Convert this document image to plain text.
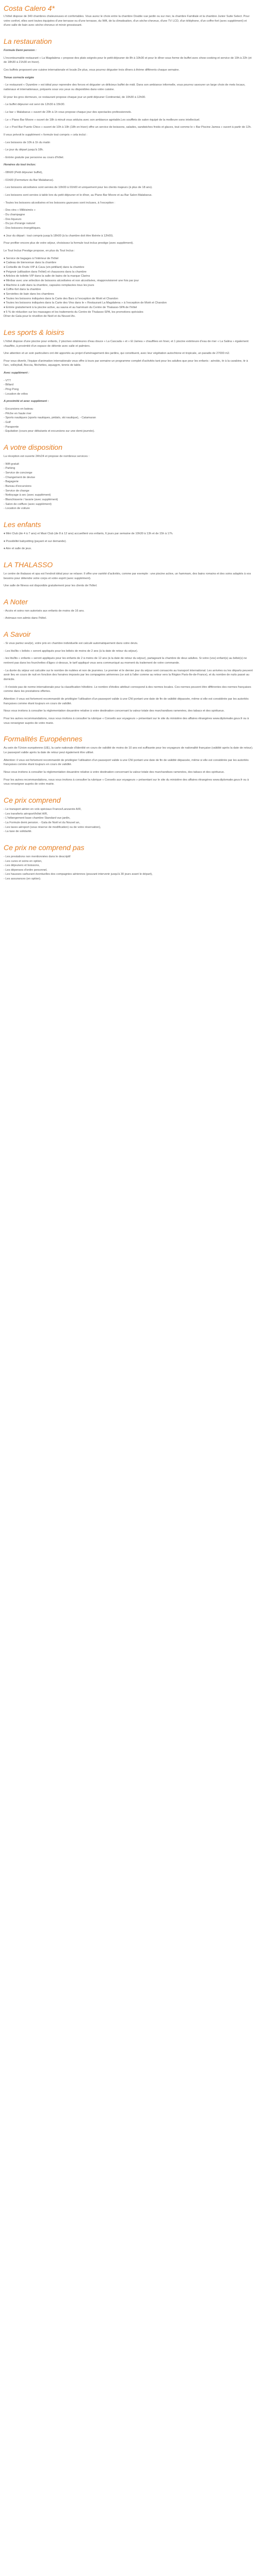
Costa Calero 4*

L'hôtel dispose de 340 chambres chaleureuses et confortables. Vous aurez le choix entre la chambre Double vue jardin ou sur mer, la chambre Familiale et la chambre Junior Suite Select. Pour votre confort, elles sont toutes équipées d'une terrasse ou d'une terrasse, du Wifi, de la climatisation, d'un sèche-cheveux, d'une TV LCD, d'un téléphone, d'un coffre-fort (avec supplément) et d'une salle de bain avec sèche-cheveux et miroir grossissant.

La restauration

Formule Demi pension :

L'incontournable restaurant « La Magdalena » propose des plats soignés pour le petit-déjeuner de 8h à 10h30 et pour le dîner sous forme de buffet avec show cooking et service de 19h à 22h (et de 18h30 à 21h30 en hiver).

Ces buffets proposent une cuisine internationale et locale.De plus, vous pourrez déguster trois dîners à thème différents chaque semaine.

Tenue correcte exigée

- Le restaurant « Oyambre » est idéal pour reprendre des forces et déguster un délicieux buffet de midi. Dans son ambiance informelle, vous pourrez savourer un large choix de mets locaux, nationaux et internationaux, préparés sous vos yeux ou disponibles dans votre cuisine.

Et pour les gros dormeurs, ce restaurant propose chaque jour un petit déjeuner Continental, de 10h30 à 12h00.

- Le buffet déjeuner est servi de 12h30 à 15h30.

- Le bar « Malabarus » ouvert de 20h à 1h vous propose chaque jour des spectacles professionnels.

- Le « Piano Bar Moore » ouvert de 18h à minuit vous séduira avec son ambiance agréable.Les soufflets de salon équipé de la meilleure sono intellectuel.

- Le « Pool Bar Puerto Chico » ouvert de 10h à 19h (18h en hiver) offre un service de boissons, salades, sandwiches froids et glaces, tout comme le « Bar Piscine Jamea » ouvert à partir de 12h.

Il vous prévoit le supplément « formule tout compris » cela inclut :

- Les boissons de 10h à 1h du matin

- Le jour du départ jusqu'à 18h.

- Entrée gratuite par personne au cours d'hôtel.

Horaires du tout inclus:

- 08h00 (Petit déjeuner buffet),

- 01h00 (Fermeture du Bar Malabarus).

- Les boissons alcoolisées sont servies de 10h00 à 01h00 et uniquement pour les clients majeurs (à plus de 18 ans).

- Les boissons sont servies à table lors du petit déjeuner et le dîner, au Piano Bar Moore et au Bar Salon Malabarus.

- Toutes les boissons alcoolisées et les boissons gazeuses sont incluses, à l'exception :

- Des vins « Millésimés »
- Du champagne
- Des liqueurs
- Du jus d'orange naturel
- Des boissons énergétiques.

♦ Jour du départ : tout compris jusqu'à 18h00 (à la chambre doit être libérée à 12h00).

Pour profiter encore plus de votre séjour, choisissez la formule tout inclus prestige (avec supplément).

Le Tout Inclus Prestige propose, en plus du Tout Inclus :

♦ Service de bagages à l'intérieur de l'hôtel
♦ Cadeau de bienvenue dans la chambre
♦ Corbeille de Fruits VIP & Cava (vin pétillant) dans la chambre
♦ Peignoir (utilisation dans l'hôtel) et chaussons dans la chambre
♦ Articles de toilette VIP dans la salle de bains de la marque Clarins
♦ Minibar avec une sélection de boissons alcoolisées et non alcoolisées, réapprovisionné une fois par jour
♦ Machine à café dans la chambre, capsules remplacées tous les jours
♦ Coffre-fort dans la chambre
♦ Serviettes de bain dans les chambres
♦ Toutes les boissons indiquées dans la Carte des Bars à l'exception de Moët et Chandon
♦ Toutes les boissons indiquées dans la Carte des Vins dans le « Restaurant La Magdalena » à l'exception de Moët et Chandon
♦ Entrée gratuitement à la piscine active, au sauna et au hammam du Centre de Thalasso-SPA de l'hôtel
♦ 5 % de réduction sur les massages et les traitements du Centre de Thalasso-SPA, les promotions spéciales
Dîner de Gala pour le réveillon de Noël et du Nouvel An.

Les sports & loisirs

L'hôtel dispose d'une piscine pour enfants, 2 piscines extérieures d'eau douce « La Cascada » et « El Jamea » chauffées en hiver, et 1 piscine extérieure d'eau de mer « La Salina » également chauffée, à proximité d'un espace de détente avec salle et palmiers.

Une attention et un soin particuliers ont été apportés au projet d'aménagement des jardins, qui constituent, avec leur végétation autochtone et tropicale, un paradis de 27000 m2.

Pour vous divertir, l'équipe d'animation internationale vous offre à tours par semaine un programme complet d'activités tant pour les adultes que pour les enfants : aérobic, tir à la carabine, tir à l'arc, volleyball, Boccia, fléchettes, aquagym, tennis de table.

Avec supplément :

- VTT
- Billard
- Ping Pong
- Location de vélos

A proximité et avec supplément :

- Excursions en bateau
- Pêche en haute mer
- Sports nautiques (sports nautiques, pédalo, ski nautique), - Catamaran
- Golf
- Parapente
- Equitation (cours pour débutants et excursions sur une demi-journée).
A votre disposition

La réception est ouverte 24h/24 et propose de nombreux services :

- Wifi gratuit
- Parking
- Service de concierge
- Changement de devise
- Bagagerie
- Bureau d'excursions
- Service de change
- Nettoyage à sec (avec supplément)
- Blanchisserie / lavarie (avec supplément)
- Salon de coiffure (avec supplément)
- Location de voiture
Les enfants

♦ Mini Club (de 4 à 7 ans) et Maxi Club (de 8 à 12 ans) accueillent vos enfants, 6 jours par semaine de 10h30 à 13h et de 15h à 17h.

♦ Possibilité babysitting (payant et sur demande).

♦ Aire et salle de jeux.

LA THALASSO

Le centre de thalasso et spa est l'endroit idéal pour se relaxer. Il offre une variété d'activités, comme par exemple : une piscine active, un hammam, des bains romains et des soins adaptés à vos besoins pour détendre votre corps et votre esprit (avec supplément).

Une salle de fitness est disponible gratuitement pour les clients de l'hôtel.

A Noter

- Accès et soins non autorisés aux enfants de moins de 16 ans.

- Animaux non admis dans l'hôtel.

A Savoir

- Si vous partez seul(e), votre prix en chambre individuelle est calculé automatiquement dans votre devis.

- Les lits/lits « bébés » seront appliqués pour les bébés de moins de 2 ans (à la date de retour du séjour).

- les lits/lits « enfants » seront appliqués pour les enfants de 2 à moins de 12 ans (à la date de retour du séjour), partageant la chambre de deux adultes. Si votre (vos) enfant(s) au bébé(s) ne rentrent pas dans les fourchettes d'âges ci-dessus, le tarif appliqué vous sera communiqué au moment du traitement de votre commande.

- La durée du séjour est calculée sur le nombre de nuitées et non de journées. Le premier et le dernier jour du séjour sont consacrés au transport international. Les arrivées ou les départs peuvent avoir lieu en cours de nuit en fonction des horaires imposés par les compagnies aériennes (ce soit à l'aller comme au retour vers la Région Paris-Ile-de-France), et du nombre de nuits passé au domicile.

- Il n'existe pas de norme internationale pour la classification hôtelière. Le nombre d'étoiles attribué correspond à des normes locales. Ces normes peuvent être différentes des normes françaises comme dans les prestations offertes.

Attention: il vous est fortement recommandé de privilégier l'utilisation d'un passeport valide à une CNI portant une date de fin de validité dépassée, même si elle est considérée par les autorités françaises comme étant toujours en cours de validité.

Nous vous invitons à consulter la réglementation douanière relative à votre destination concernant la valeur totale des marchandises ramenées, des tabacs et des spiritueux.

Pour les autres recommandations, nous vous invitons à consulter la rubrique « Conseils aux voyageurs » présentant sur le site du ministère des affaires étrangères www.diplomatie.gouv.fr ou à vous renseigner auprès de votre marie.

Formalités Européennes

Au sein de l'Union européenne (UE), la carte nationale d'identité en cours de validité de moins de 10 ans est suffisante pour les voyageurs de nationalité française (validité après la date de retour). Le passeport valide après la date de retour peut également être utilisé.

Attention: il vous est fortement recommandé de privilégier l'utilisation d'un passeport valide à une CNI portant une date de fin de validité dépassée, même si elle est considérée par les autorités françaises comme étant toujours en cours de validité.

Nous vous invitons à consulter la réglementation douanière relative à votre destination concernant la valeur totale des marchandises ramenées, des tabacs et des spiritueux.

Pour les autres recommandations, nous vous invitons à consulter la rubrique « Conseils aux voyageurs » présentant sur le site du ministère des affaires étrangères www.diplomatie.gouv.fr ou à vous renseigner auprès de votre mairie.

Ce prix comprend
- Le transport aérien en vols spéciaux France/Lanzarote A/R,
- Les transferts aéroport/hôtel A/R,
- L'hébergement base chambre Standard vue jardin,
- La Formule demi pension. - Gala de Noël et du Nouvel an,
- Les taxes aéroport (sous réserve de modification) ou de votre réservation),
- La taxe de solidarité.
Ce prix ne comprend pas
- Les prestations non mentionnées dans le descriptif
- Les cures et soins en option,
- Les déjeuners et boissons,
- Les dépenses d'ordre personnel,
- Les hausses carburant éventuelles des compagnies aériennes (pouvant intervenir jusqu'à 30 jours avant le départ),
- Les assurances (en option).
